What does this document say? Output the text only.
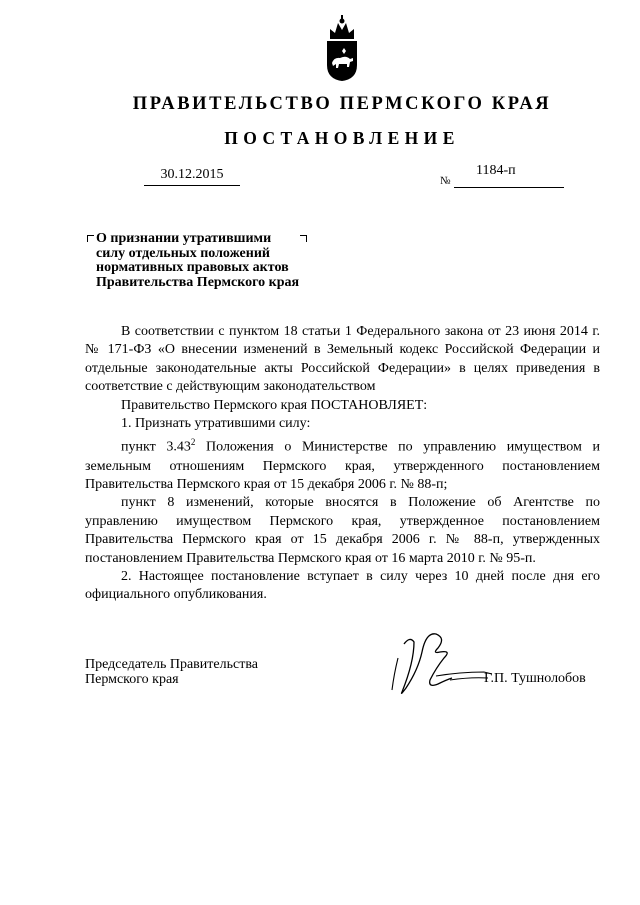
ПРАВИТЕЛЬСТВО ПЕРМСКОГО КРАЯ
ПОСТАНОВЛЕНИЕ
30.12.2015	№
1184-п
О признании утратившими
силу отдельных положений
нормативных правовых актов
Правительства Пермского края

В соответствии с пунктом 18 статьи 1 Федерального закона от 23 июня 2014 г. № 171-ФЗ «О внесении изменений в Земельный кодекс Российской Федерации и отдельные законодательные акты Российской Федерации» в целях приведения в соответствие с действующим законодательством

Правительство Пермского края ПОСТАНОВЛЯЕТ:

1. Признать утратившими силу:

пункт 3.43$^2$ Положения о Министерстве по управлению имуществом и земельным отношениям Пермского края, утвержденного постановлением Правительства Пермского края от 15 декабря 2006 г. № 88-п;

пункт 8 изменений, которые вносятся в Положение об Агентстве по управлению имуществом Пермского края, утвержденное постановлением Правительства Пермского края от 15 декабря 2006 г. № 88-п, утвержденных постановлением Правительства Пермского края от 16 марта 2010 г. № 95-п.

2. Настоящее постановление вступает в силу через 10 дней после дня его официального опубликования.

Председатель Правительства
Пермского края	Г.П. Тушнолобов
